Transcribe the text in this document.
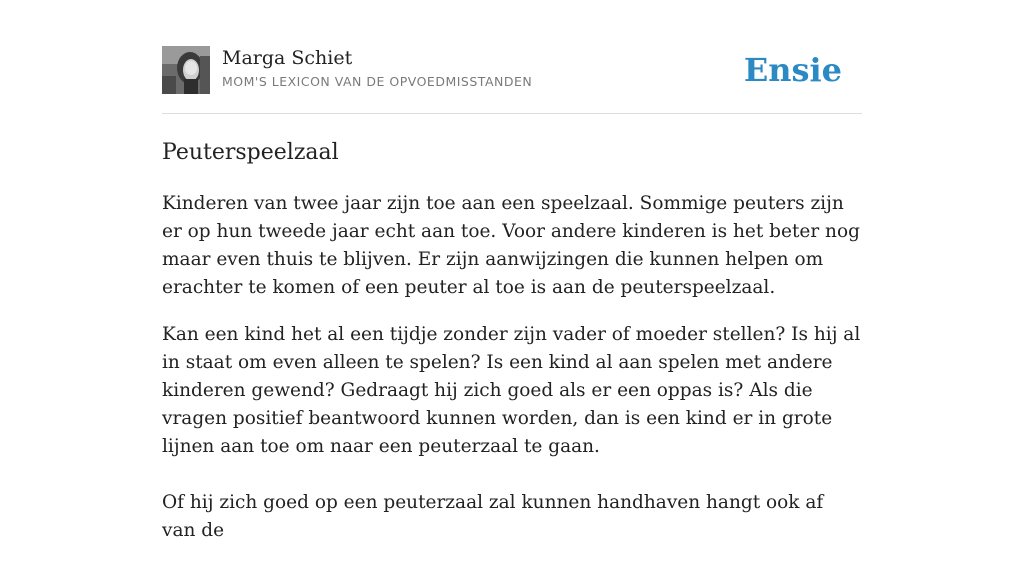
Marga Schiet
MOM'S LEXICON VAN DE OPVOEDMISSTANDEN	Ensie
Peuterspeelzaal

Kinderen van twee jaar zijn toe aan een speelzaal. Sommige peuters zijn er op hun tweede jaar echt aan toe. Voor andere kinderen is het beter nog maar even thuis te blijven. Er zijn aanwijzingen die kunnen helpen om erachter te komen of een peuter al toe is aan de peuterspeelzaal.

Kan een kind het al een tijdje zonder zijn vader of moeder stellen? Is hij al in staat om even alleen te spelen? Is een kind al aan spelen met andere kinderen gewend? Gedraagt hij zich goed als er een oppas is? Als die vragen positief beantwoord kunnen worden, dan is een kind er in grote lijnen aan toe om naar een peuterzaal te gaan.

Of hij zich goed op een peuterzaal zal kunnen handhaven hangt ook af van de
